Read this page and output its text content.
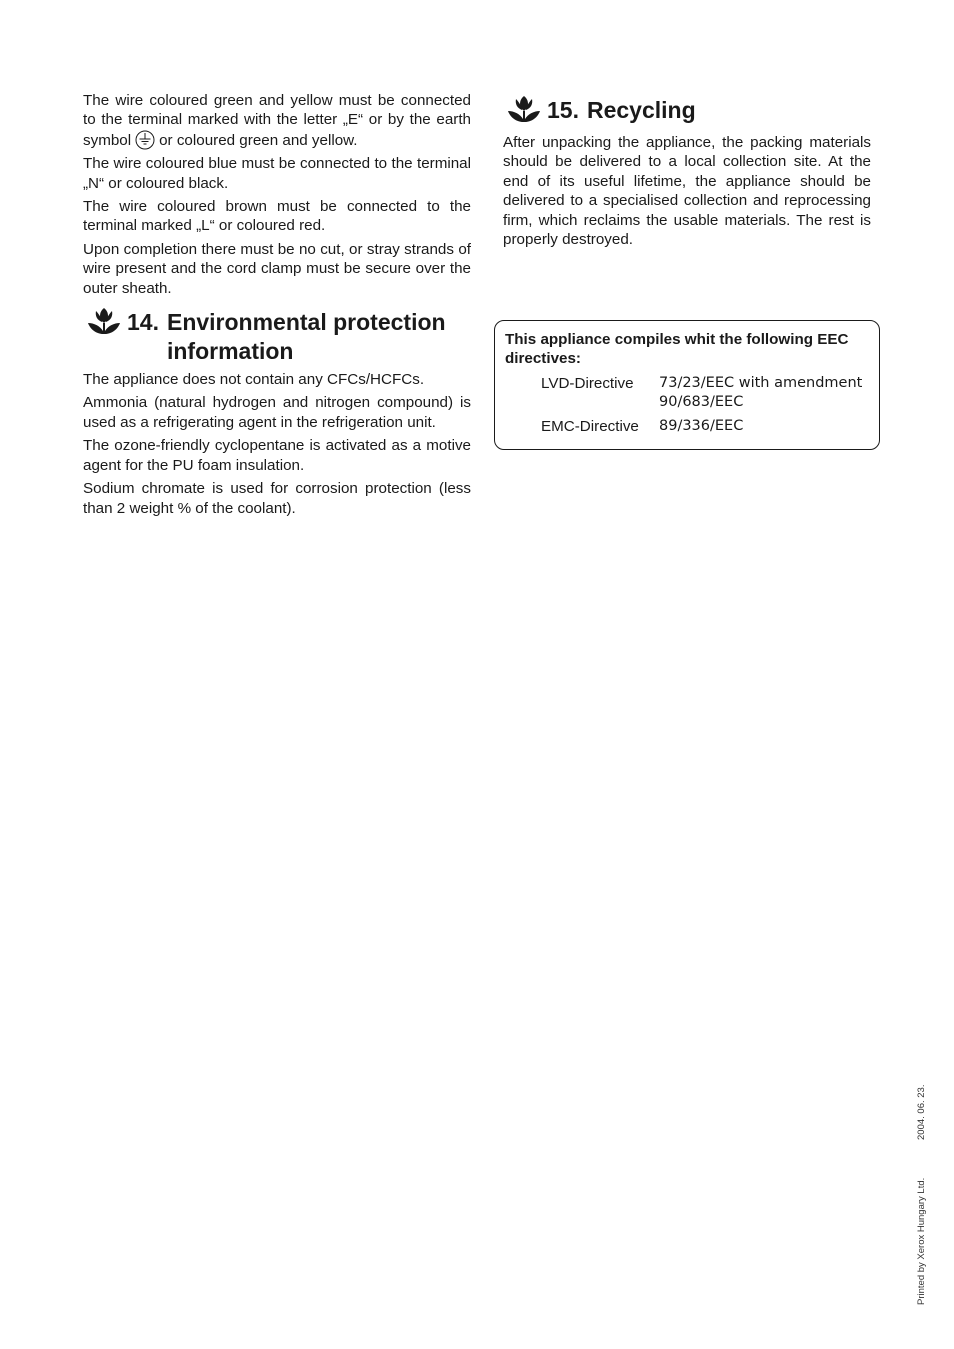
The wire coloured green and yellow must be connected to the terminal marked with the letter „E“ or by the earth symbol or coloured green and yellow.

The wire coloured blue must be connected to the terminal „N“ or coloured black.

The wire coloured brown must be connected to the terminal marked „L“ or coloured red.

Upon completion there must be no cut, or stray strands of wire present and the cord clamp must be secure over the outer sheath.

14. Environmental protection information

The appliance does not contain any CFCs/HCFCs.

Ammonia (natural hydrogen and nitrogen compound) is used as a refrigerating agent in the refrigeration unit.

The ozone-friendly cyclopentane is activated as a motive agent for the PU foam insulation.

Sodium chromate is used for corrosion protection (less than 2 weight % of the coolant).

15. Recycling

After unpacking the appliance, the packing materials should be delivered to a local collection site. At the end of its useful lifetime, the appliance should be delivered to a specialised collection and reprocessing firm, which reclaims the usable materials. The rest is properly destroyed.

This appliance compiles whit the following EEC directives:
LVD-Directive	73/23/EEC with amendment 90/683/EEC
EMC-Directive	89/336/EEC
Printed by Xerox Hungary Ltd.
2004. 06. 23.
